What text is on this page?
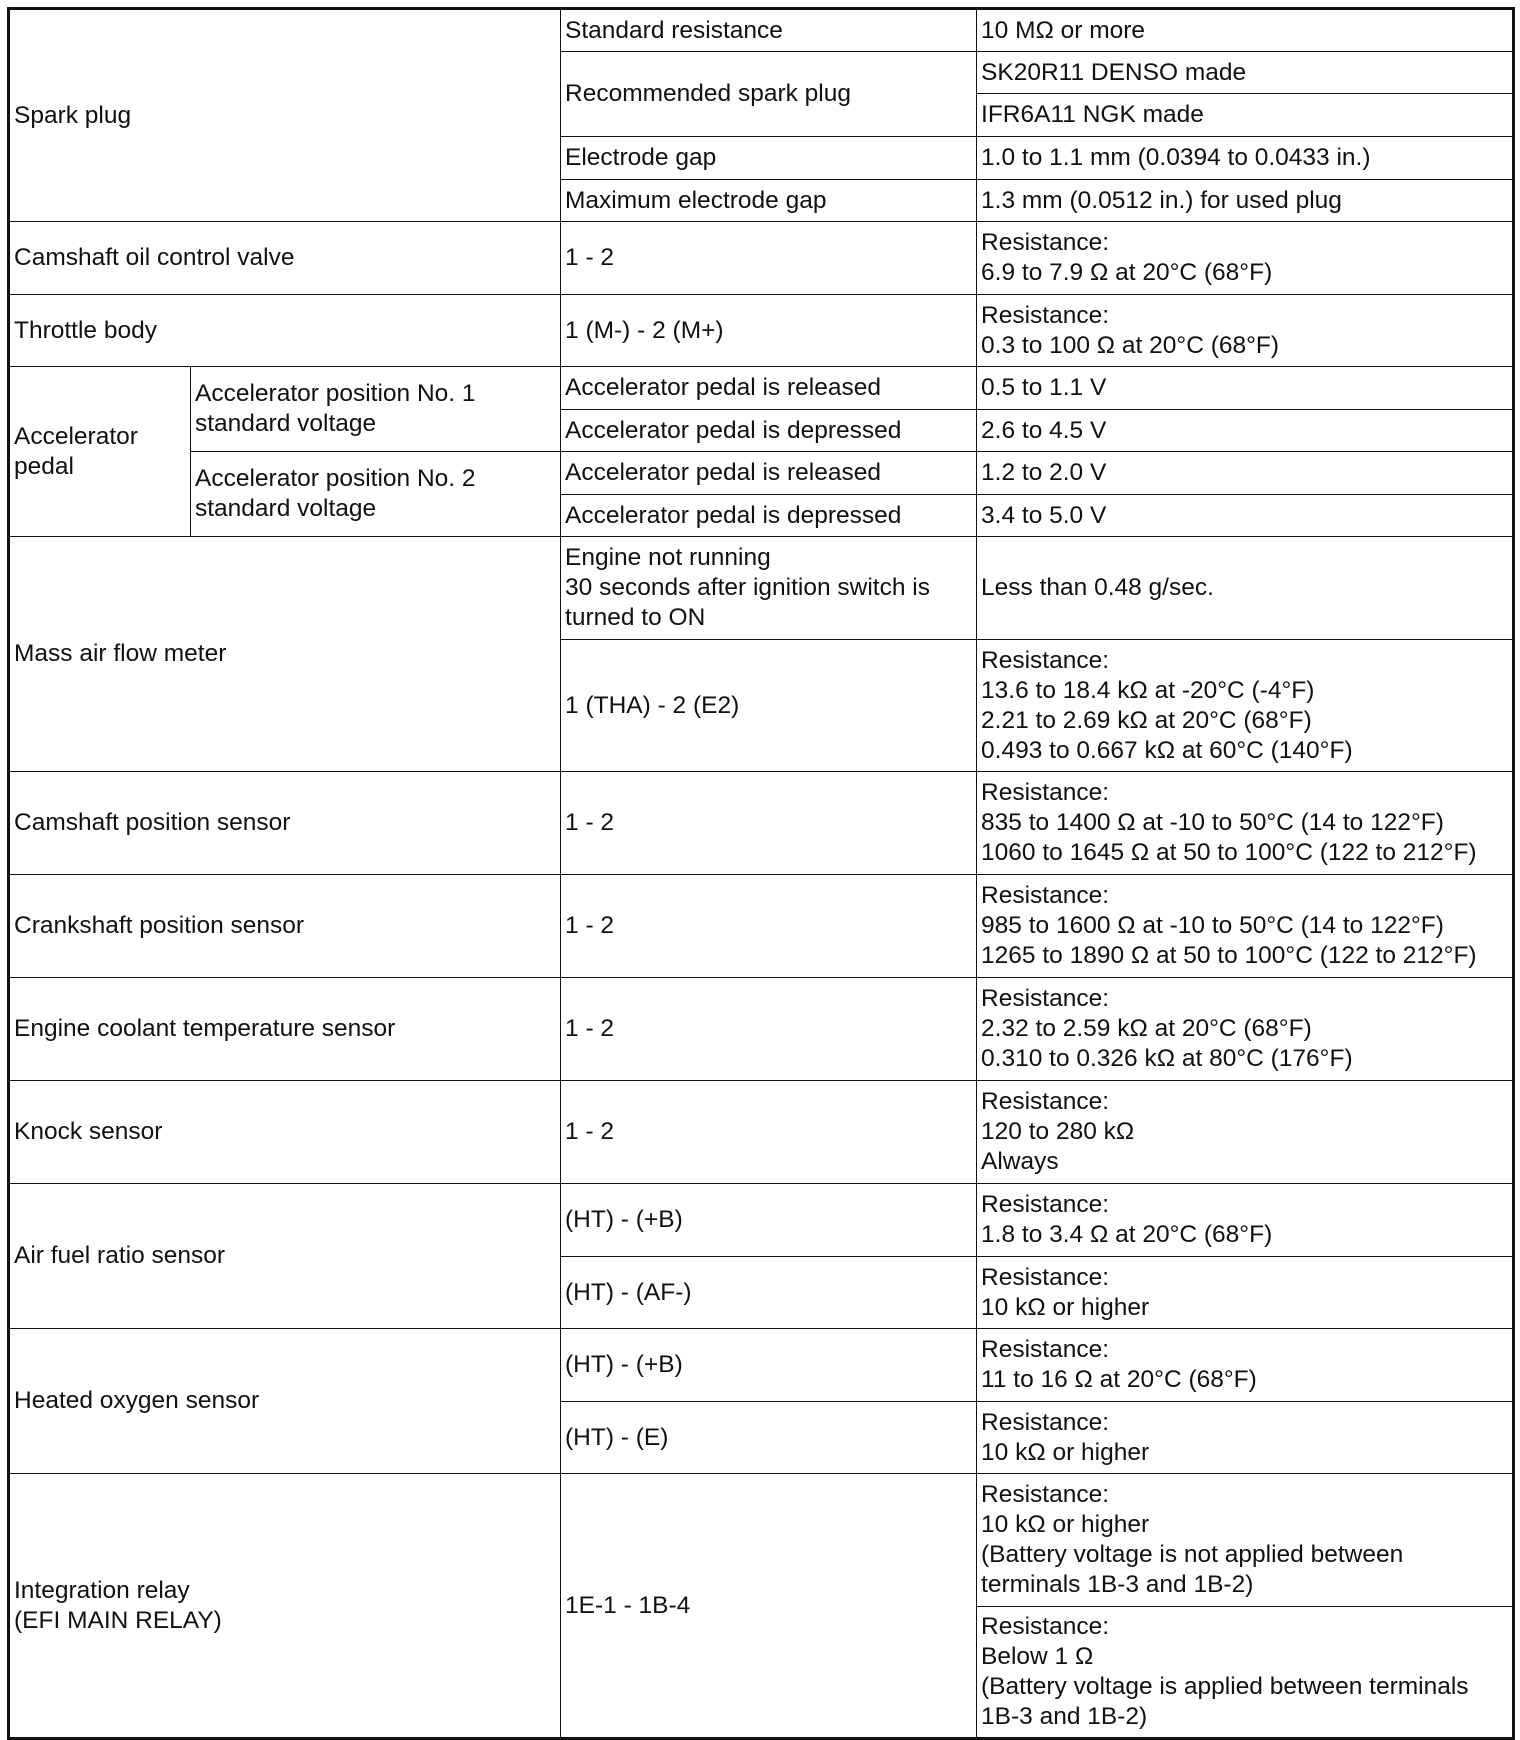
Spark plug		Standard resistance	10 MΩ or more
		Recommended spark plug	SK20R11 DENSO made
			IFR6A11 NGK made
		Electrode gap	1.0 to 1.1 mm (0.0394 to 0.0433 in.)
		Maximum electrode gap	1.3 mm (0.0512 in.) for used plug
Camshaft oil control valve		1 - 2	Resistance:
6.9 to 7.9 Ω at 20°C (68°F)
Throttle body		1 (M-) - 2 (M+)	Resistance:
0.3 to 100 Ω at 20°C (68°F)
Accelerator pedal	Accelerator position No. 1 standard voltage	Accelerator pedal is released	0.5 to 1.1 V
		Accelerator pedal is depressed	2.6 to 4.5 V
	Accelerator position No. 2 standard voltage	Accelerator pedal is released	1.2 to 2.0 V
		Accelerator pedal is depressed	3.4 to 5.0 V
Mass air flow meter		Engine not running
30 seconds after ignition switch is turned to ON	Less than 0.48 g/sec.
		1 (THA) - 2 (E2)	Resistance:
13.6 to 18.4 kΩ at -20°C (-4°F)
2.21 to 2.69 kΩ at 20°C (68°F)
0.493 to 0.667 kΩ at 60°C (140°F)
Camshaft position sensor		1 - 2	Resistance:
835 to 1400 Ω at -10 to 50°C (14 to 122°F)
1060 to 1645 Ω at 50 to 100°C (122 to 212°F)
Crankshaft position sensor		1 - 2	Resistance:
985 to 1600 Ω at -10 to 50°C (14 to 122°F)
1265 to 1890 Ω at 50 to 100°C (122 to 212°F)
Engine coolant temperature sensor		1 - 2	Resistance:
2.32 to 2.59 kΩ at 20°C (68°F)
0.310 to 0.326 kΩ at 80°C (176°F)
Knock sensor		1 - 2	Resistance:
120 to 280 kΩ
Always
Air fuel ratio sensor		(HT) - (+B)	Resistance:
1.8 to 3.4 Ω at 20°C (68°F)
		(HT) - (AF-)	Resistance:
10 kΩ or higher
Heated oxygen sensor		(HT) - (+B)	Resistance:
11 to 16 Ω at 20°C (68°F)
		(HT) - (E)	Resistance:
10 kΩ or higher
Integration relay
(EFI MAIN RELAY)		1E-1 - 1B-4	Resistance:
10 kΩ or higher
(Battery voltage is not applied between terminals 1B-3 and 1B-2)
			Resistance:
Below 1 Ω
(Battery voltage is applied between terminals 1B-3 and 1B-2)
